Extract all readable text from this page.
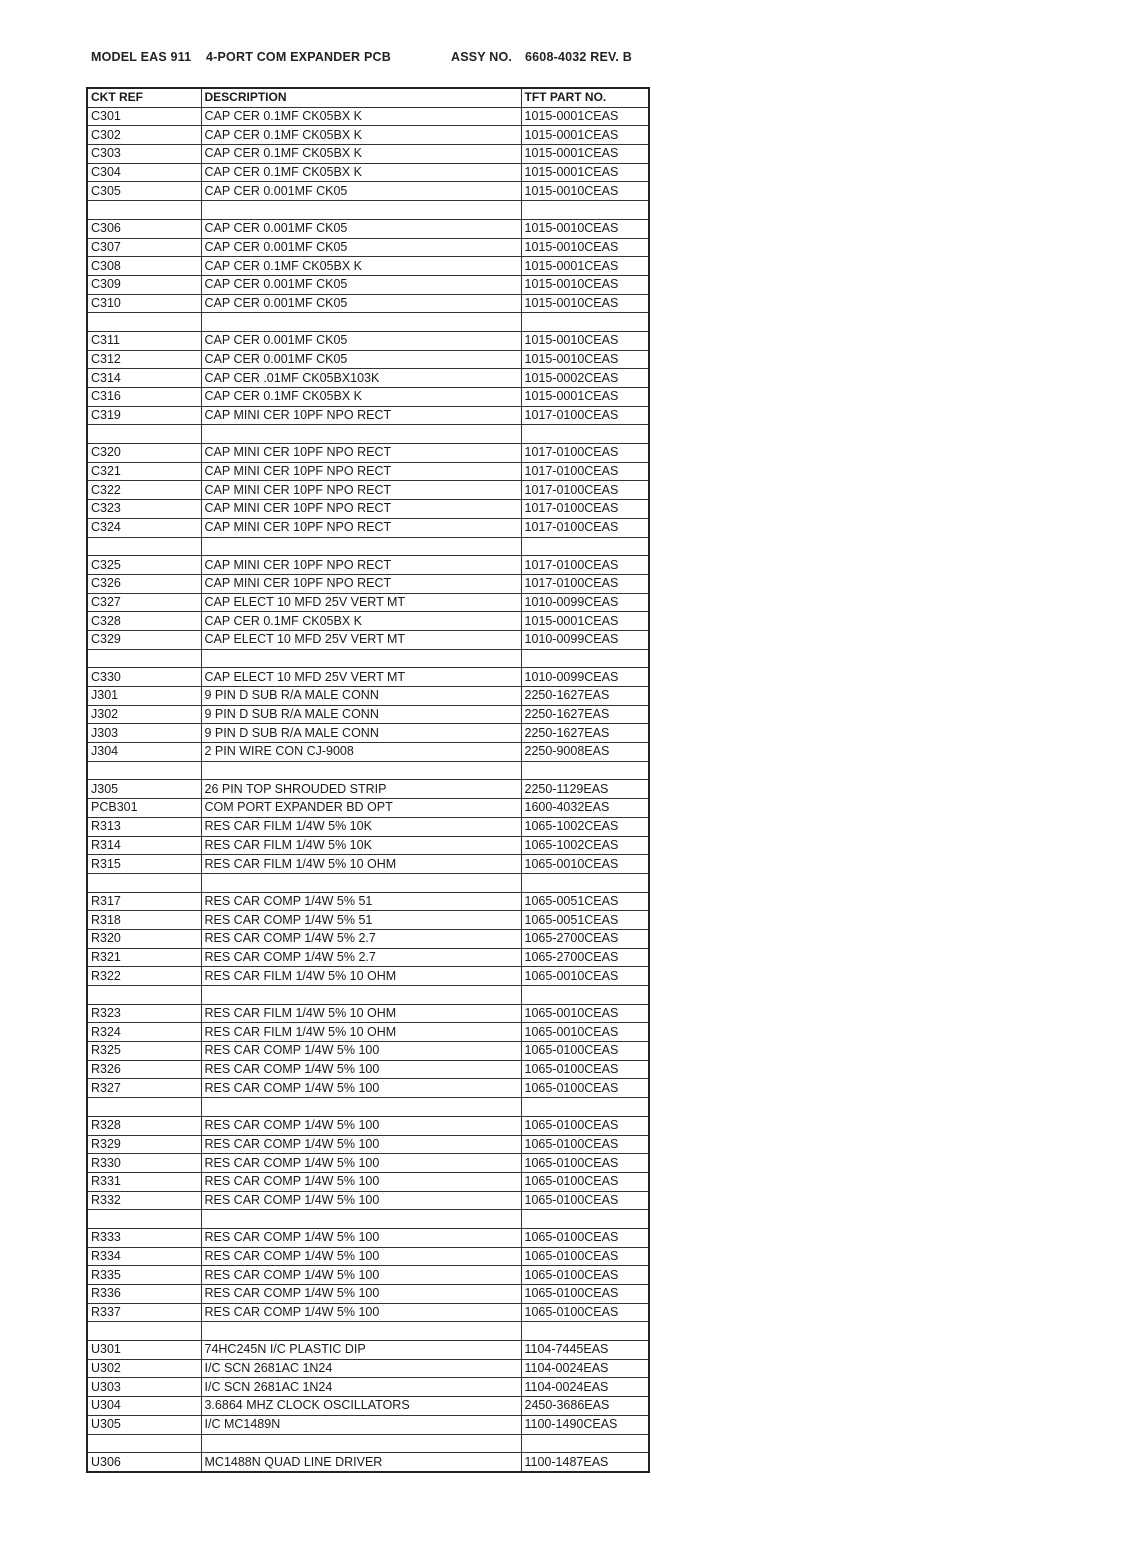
MODEL EAS 911 4-PORT COM EXPANDER PCB	ASSY NO. 6608-4032 REV. B
CKT REF	DESCRIPTION	TFT PART NO.
C301	CAP CER 0.1MF CK05BX K	1015-0001CEAS
C302	CAP CER 0.1MF CK05BX K	1015-0001CEAS
C303	CAP CER 0.1MF CK05BX K	1015-0001CEAS
C304	CAP CER 0.1MF CK05BX K	1015-0001CEAS
C305	CAP CER 0.001MF CK05	1015-0010CEAS

C306	CAP CER 0.001MF CK05	1015-0010CEAS
C307	CAP CER 0.001MF CK05	1015-0010CEAS
C308	CAP CER 0.1MF CK05BX K	1015-0001CEAS
C309	CAP CER 0.001MF CK05	1015-0010CEAS
C310	CAP CER 0.001MF CK05	1015-0010CEAS

C311	CAP CER 0.001MF CK05	1015-0010CEAS
C312	CAP CER 0.001MF CK05	1015-0010CEAS
C314	CAP CER .01MF CK05BX103K	1015-0002CEAS
C316	CAP CER 0.1MF CK05BX K	1015-0001CEAS
C319	CAP MINI CER 10PF NPO RECT	1017-0100CEAS

C320	CAP MINI CER 10PF NPO RECT	1017-0100CEAS
C321	CAP MINI CER 10PF NPO RECT	1017-0100CEAS
C322	CAP MINI CER 10PF NPO RECT	1017-0100CEAS
C323	CAP MINI CER 10PF NPO RECT	1017-0100CEAS
C324	CAP MINI CER 10PF NPO RECT	1017-0100CEAS

C325	CAP MINI CER 10PF NPO RECT	1017-0100CEAS
C326	CAP MINI CER 10PF NPO RECT	1017-0100CEAS
C327	CAP ELECT 10 MFD 25V VERT MT	1010-0099CEAS
C328	CAP CER 0.1MF CK05BX K	1015-0001CEAS
C329	CAP ELECT 10 MFD 25V VERT MT	1010-0099CEAS

C330	CAP ELECT 10 MFD 25V VERT MT	1010-0099CEAS
J301	9 PIN D SUB R/A MALE CONN	2250-1627EAS
J302	9 PIN D SUB R/A MALE CONN	2250-1627EAS
J303	9 PIN D SUB R/A MALE CONN	2250-1627EAS
J304	2 PIN WIRE CON CJ-9008	2250-9008EAS

J305	26 PIN TOP SHROUDED STRIP	2250-1129EAS
PCB301	COM PORT EXPANDER BD OPT	1600-4032EAS
R313	RES CAR FILM 1/4W 5% 10K	1065-1002CEAS
R314	RES CAR FILM 1/4W 5% 10K	1065-1002CEAS
R315	RES CAR FILM 1/4W 5% 10 OHM	1065-0010CEAS

R317	RES CAR COMP 1/4W 5% 51	1065-0051CEAS
R318	RES CAR COMP 1/4W 5% 51	1065-0051CEAS
R320	RES CAR COMP 1/4W 5% 2.7	1065-2700CEAS
R321	RES CAR COMP 1/4W 5% 2.7	1065-2700CEAS
R322	RES CAR FILM 1/4W 5% 10 OHM	1065-0010CEAS

R323	RES CAR FILM 1/4W 5% 10 OHM	1065-0010CEAS
R324	RES CAR FILM 1/4W 5% 10 OHM	1065-0010CEAS
R325	RES CAR COMP 1/4W 5% 100	1065-0100CEAS
R326	RES CAR COMP 1/4W 5% 100	1065-0100CEAS
R327	RES CAR COMP 1/4W 5% 100	1065-0100CEAS

R328	RES CAR COMP 1/4W 5% 100	1065-0100CEAS
R329	RES CAR COMP 1/4W 5% 100	1065-0100CEAS
R330	RES CAR COMP 1/4W 5% 100	1065-0100CEAS
R331	RES CAR COMP 1/4W 5% 100	1065-0100CEAS
R332	RES CAR COMP 1/4W 5% 100	1065-0100CEAS

R333	RES CAR COMP 1/4W 5% 100	1065-0100CEAS
R334	RES CAR COMP 1/4W 5% 100	1065-0100CEAS
R335	RES CAR COMP 1/4W 5% 100	1065-0100CEAS
R336	RES CAR COMP 1/4W 5% 100	1065-0100CEAS
R337	RES CAR COMP 1/4W 5% 100	1065-0100CEAS

U301	74HC245N I/C PLASTIC DIP	1104-7445EAS
U302	I/C SCN 2681AC 1N24	1104-0024EAS
U303	I/C SCN 2681AC 1N24	1104-0024EAS
U304	3.6864 MHZ CLOCK OSCILLATORS	2450-3686EAS
U305	I/C MC1489N	1100-1490CEAS

U306	MC1488N QUAD LINE DRIVER	1100-1487EAS
